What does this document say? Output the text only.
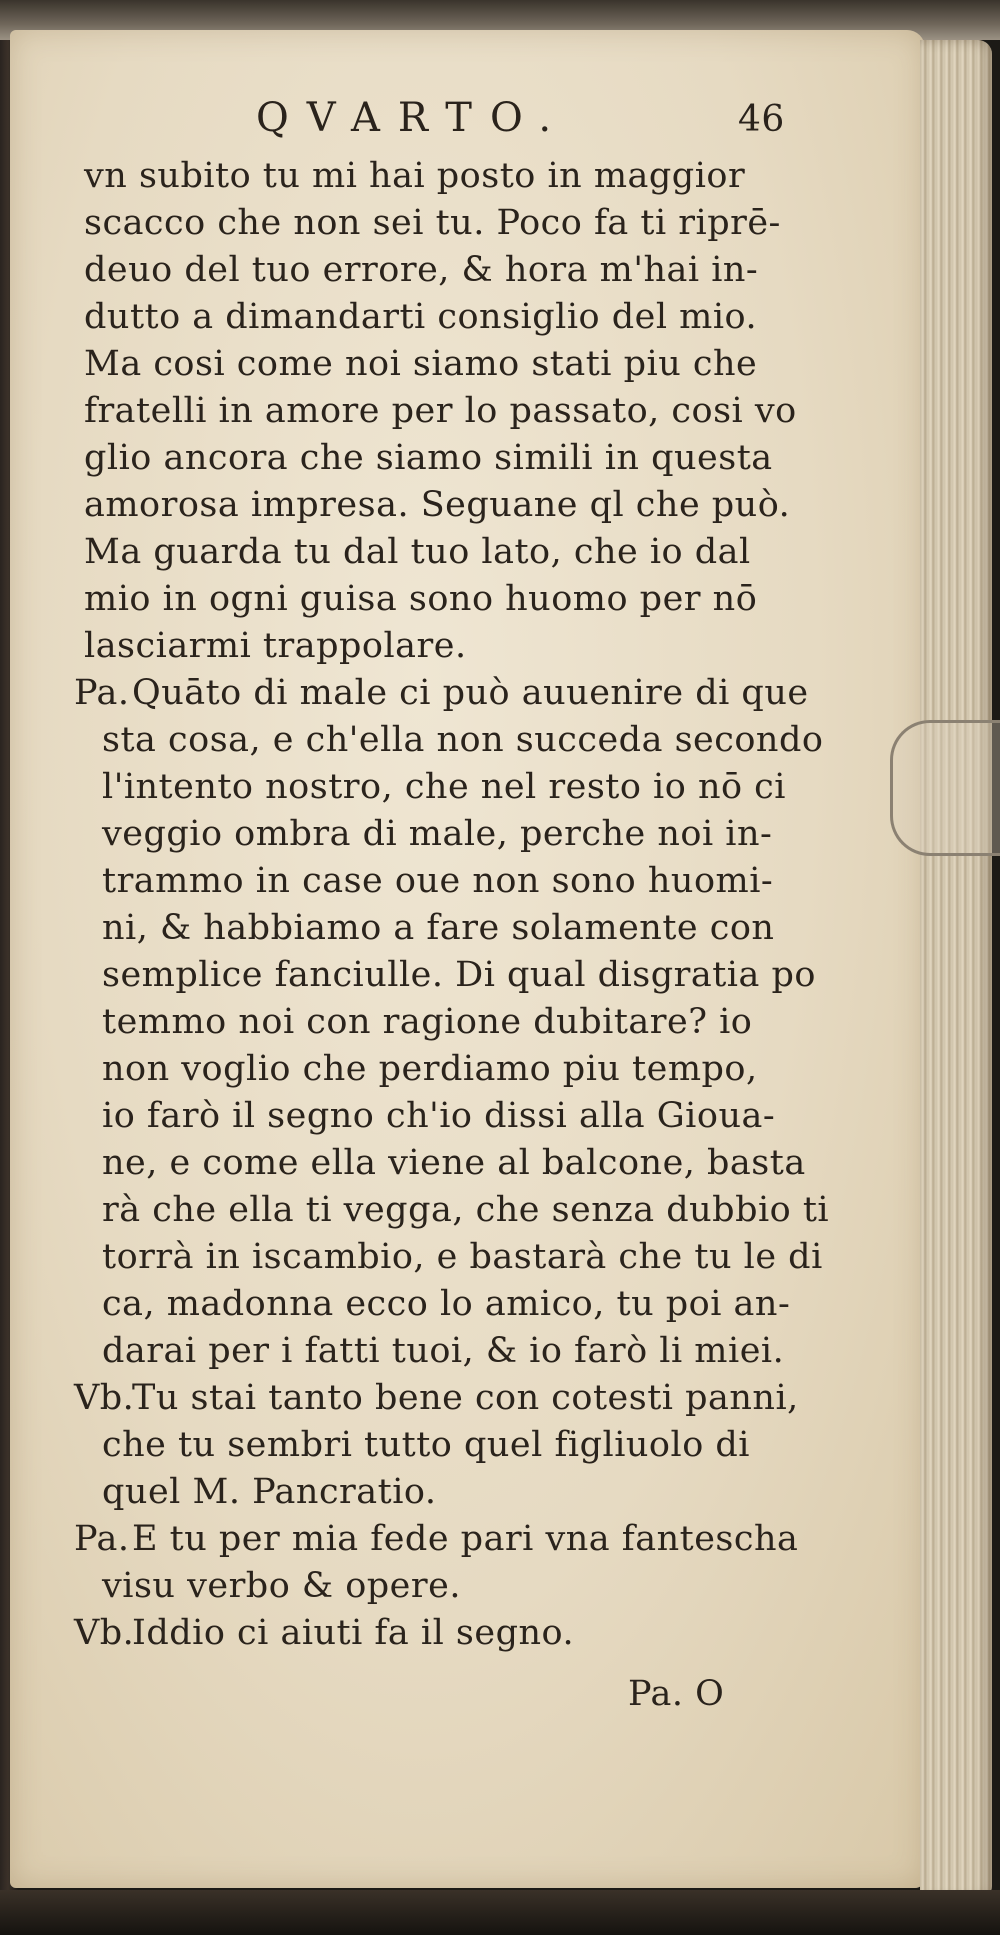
QVARTO.	46
vn subito tu mi hai posto in maggior
scacco che non sei tu. Poco fa ti riprē-
deuo del tuo errore, & hora m'hai in-
dutto a dimandarti consiglio del mio.
Ma cosi come noi siamo stati piu che
fratelli in amore per lo passato, cosi vo
glio ancora che siamo simili in questa
amorosa impresa. Seguane ql che può.
Ma guarda tu dal tuo lato, che io dal
mio in ogni guisa sono huomo per nō
lasciarmi trappolare.
Pa.Quāto di male ci può auuenire di que
sta cosa, e ch'ella non succeda secondo
l'intento nostro, che nel resto io nō ci
veggio ombra di male, perche noi in-
trammo in case oue non sono huomi-
ni, & habbiamo a fare solamente con
semplice fanciulle. Di qual disgratia po
temmo noi con ragione dubitare? io
non voglio che perdiamo piu tempo,
io farò il segno ch'io dissi alla Gioua-
ne, e come ella viene al balcone, basta
rà che ella ti vegga, che senza dubbio ti
torrà in iscambio, e bastarà che tu le di
ca, madonna ecco lo amico, tu poi an-
darai per i fatti tuoi, & io farò li miei.
Vb.Tu stai tanto bene con cotesti panni,
che tu sembri tutto quel figliuolo di
quel M. Pancratio.
Pa.E tu per mia fede pari vna fantescha
visu verbo & opere.
Vb.Iddio ci aiuti fa il segno.
Pa. O
